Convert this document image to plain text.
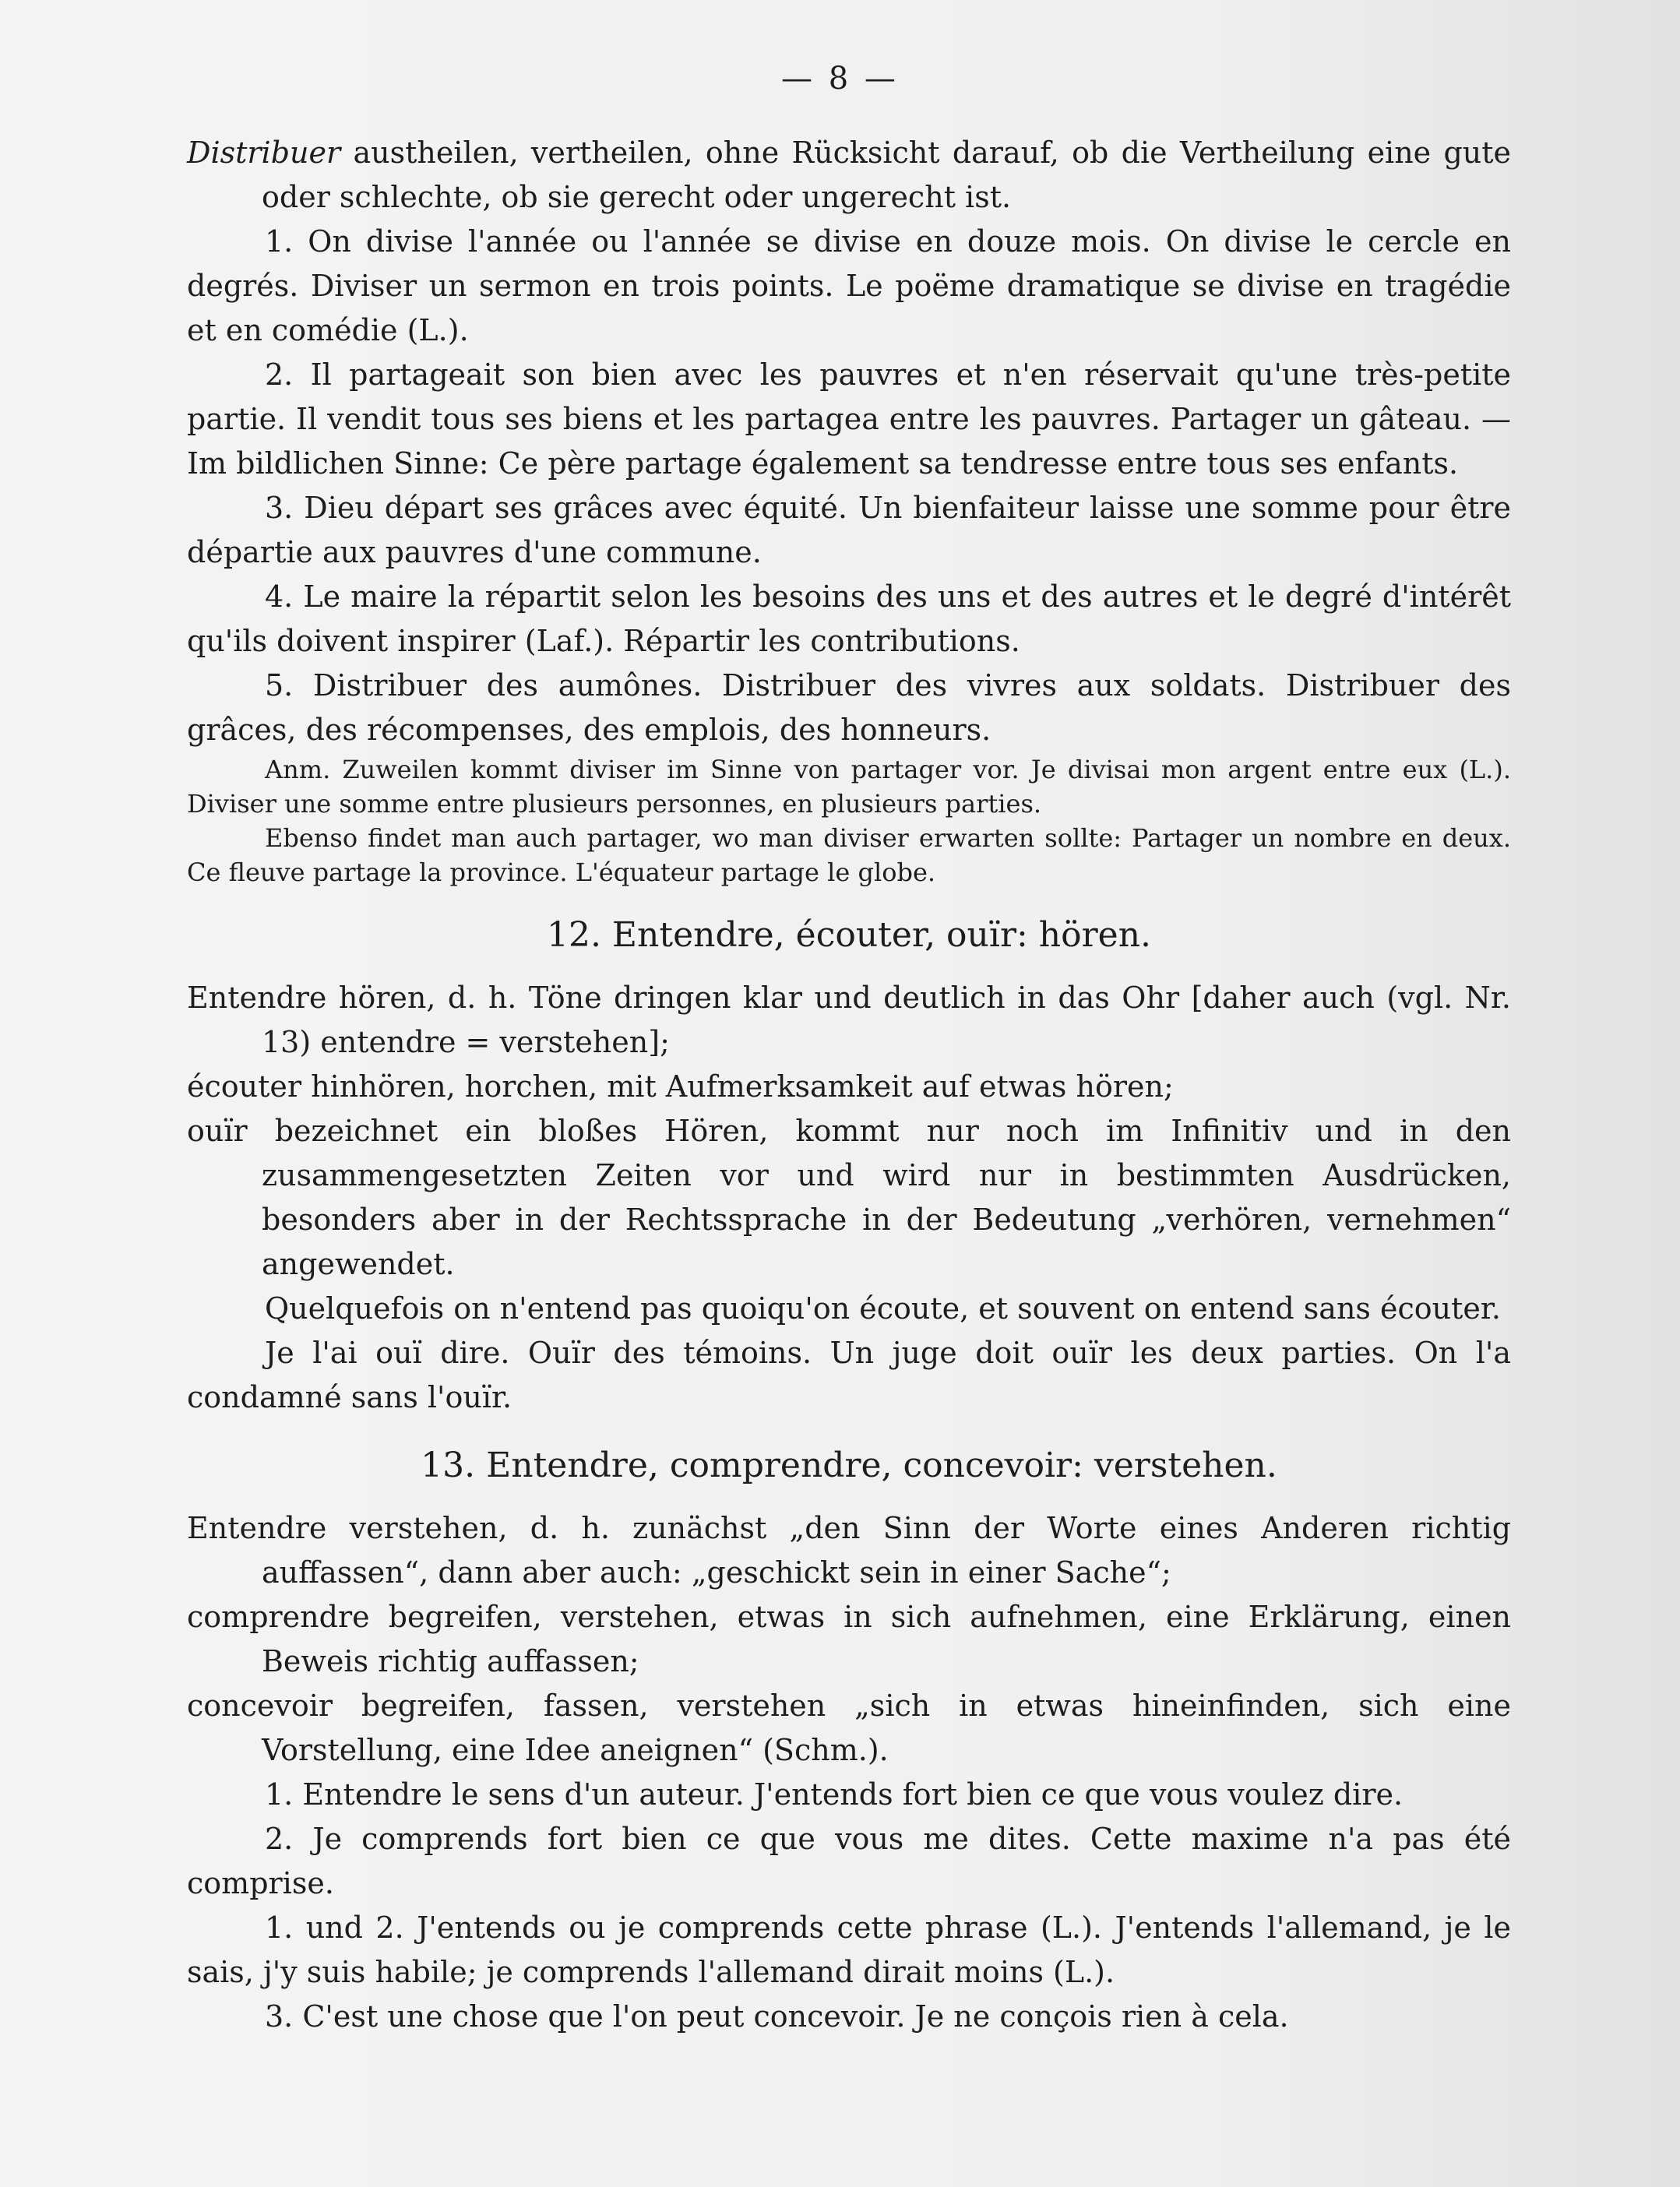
— 8 —

Distribuer austheilen, vertheilen, ohne Rücksicht darauf, ob die Vertheilung eine gute oder schlechte, ob sie gerecht oder ungerecht ist.

1. On divise l'année ou l'année se divise en douze mois. On divise le cercle en degrés. Diviser un sermon en trois points. Le poëme dramatique se divise en tragédie et en comédie (L.).

2. Il partageait son bien avec les pauvres et n'en réservait qu'une très-petite partie. Il vendit tous ses biens et les partagea entre les pauvres. Partager un gâteau. — Im bildlichen Sinne: Ce père partage également sa tendresse entre tous ses enfants.

3. Dieu départ ses grâces avec équité. Un bienfaiteur laisse une somme pour être départie aux pauvres d'une commune.

4. Le maire la répartit selon les besoins des uns et des autres et le degré d'intérêt qu'ils doivent inspirer (Laf.). Répartir les contributions.

5. Distribuer des aumônes. Distribuer des vivres aux soldats. Distribuer des grâces, des récompenses, des emplois, des honneurs.

Anm. Zuweilen kommt diviser im Sinne von partager vor. Je divisai mon argent entre eux (L.). Diviser une somme entre plusieurs personnes, en plusieurs parties.

Ebenso findet man auch partager, wo man diviser erwarten sollte: Partager un nombre en deux. Ce fleuve partage la province. L'équateur partage le globe.

12. Entendre, écouter, ouïr: hören.

Entendre hören, d. h. Töne dringen klar und deutlich in das Ohr [daher auch (vgl. Nr. 13) entendre = verstehen];

écouter hinhören, horchen, mit Aufmerksamkeit auf etwas hören;

ouïr bezeichnet ein bloßes Hören, kommt nur noch im Infinitiv und in den zusammengesetzten Zeiten vor und wird nur in bestimmten Ausdrücken, besonders aber in der Rechtssprache in der Bedeutung „verhören, vernehmen“ angewendet.

Quelquefois on n'entend pas quoiqu'on écoute, et souvent on entend sans écouter.

Je l'ai ouï dire. Ouïr des témoins. Un juge doit ouïr les deux parties. On l'a condamné sans l'ouïr.

13. Entendre, comprendre, concevoir: verstehen.

Entendre verstehen, d. h. zunächst „den Sinn der Worte eines Anderen richtig auffassen“, dann aber auch: „geschickt sein in einer Sache“;

comprendre begreifen, verstehen, etwas in sich aufnehmen, eine Erklärung, einen Beweis richtig auffassen;

concevoir begreifen, fassen, verstehen „sich in etwas hineinfinden, sich eine Vorstellung, eine Idee aneignen“ (Schm.).

1. Entendre le sens d'un auteur. J'entends fort bien ce que vous voulez dire.

2. Je comprends fort bien ce que vous me dites. Cette maxime n'a pas été comprise.

1. und 2. J'entends ou je comprends cette phrase (L.). J'entends l'allemand, je le sais, j'y suis habile; je comprends l'allemand dirait moins (L.).

3. C'est une chose que l'on peut concevoir. Je ne conçois rien à cela.
